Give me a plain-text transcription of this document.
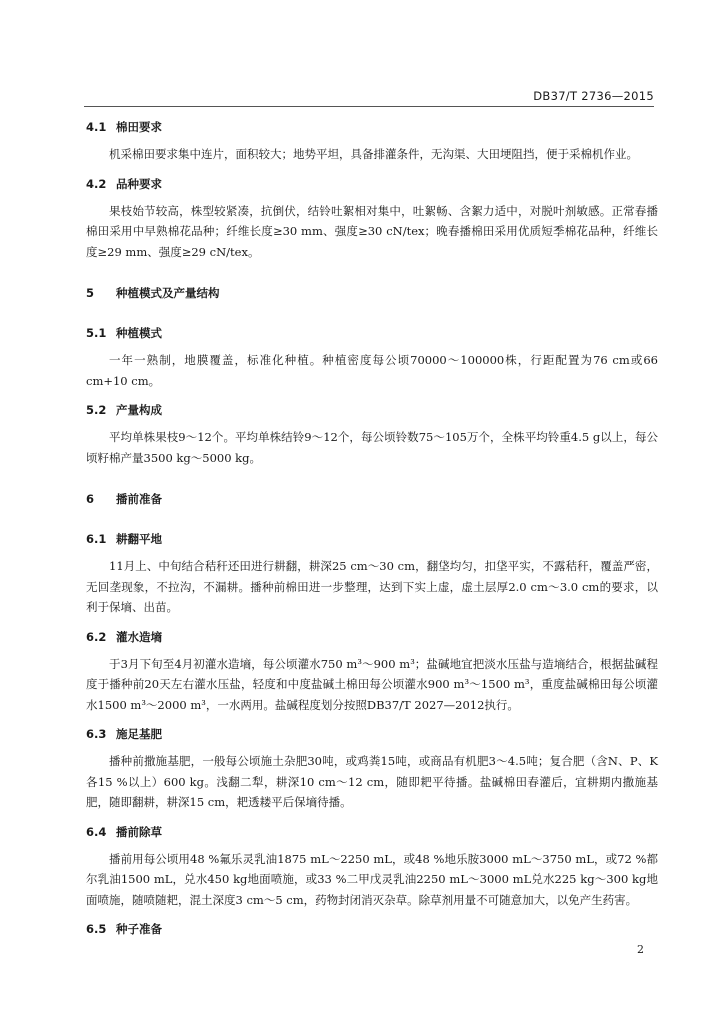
DB37/T 2736—2015
4.1 棉田要求
机采棉田要求集中连片，面积较大；地势平坦，具备排灌条件，无沟渠、大田埂阻挡，便于采棉机作业。
4.2 品种要求
果枝始节较高，株型较紧凑，抗倒伏，结铃吐絮相对集中，吐絮畅、含絮力适中，对脱叶剂敏感。正常春播棉田采用中早熟棉花品种；纤维长度≥30 mm、强度≥30 cN/tex；晚春播棉田采用优质短季棉花品种，纤维长度≥29 mm、强度≥29 cN/tex。
5 种植模式及产量结构
5.1 种植模式
一年一熟制，地膜覆盖，标准化种植。种植密度每公顷70000～100000株，行距配置为76 cm或66 cm+10 cm。
5.2 产量构成
平均单株果枝9～12个。平均单株结铃9～12个，每公顷铃数75～105万个，全株平均铃重4.5 g以上，每公顷籽棉产量3500 kg～5000 kg。
6 播前准备
6.1 耕翻平地
11月上、中旬结合秸秆还田进行耕翻，耕深25 cm～30 cm，翻垡均匀，扣垡平实，不露秸秆，覆盖严密，无回垄现象，不拉沟，不漏耕。播种前棉田进一步整理，达到下实上虚，虚土层厚2.0 cm～3.0 cm的要求，以利于保墒、出苗。
6.2 灌水造墒
于3月下旬至4月初灌水造墒，每公顷灌水750 m³～900 m³；盐碱地宜把淡水压盐与造墒结合，根据盐碱程度于播种前20天左右灌水压盐，轻度和中度盐碱土棉田每公顷灌水900 m³～1500 m³，重度盐碱棉田每公顷灌水1500 m³～2000 m³，一水两用。盐碱程度划分按照DB37/T 2027—2012执行。
6.3 施足基肥
播种前撒施基肥，一般每公顷施土杂肥30吨，或鸡粪15吨，或商品有机肥3～4.5吨；复合肥（含N、P、K各15 %以上）600 kg。浅翻二犁，耕深10 cm～12 cm，随即耙平待播。盐碱棉田春灌后，宜耕期内撒施基肥，随即翻耕，耕深15 cm，耙透耧平后保墒待播。
6.4 播前除草
播前用每公顷用48 %氟乐灵乳油1875 mL～2250 mL，或48 %地乐胺3000 mL～3750 mL，或72 %都尔乳油1500 mL，兑水450 kg地面喷施，或33 %二甲戊灵乳油2250 mL～3000 mL兑水225 kg～300 kg地面喷施，随喷随耙，混土深度3 cm～5 cm，药物封闭消灭杂草。除草剂用量不可随意加大，以免产生药害。
6.5 种子准备
2
